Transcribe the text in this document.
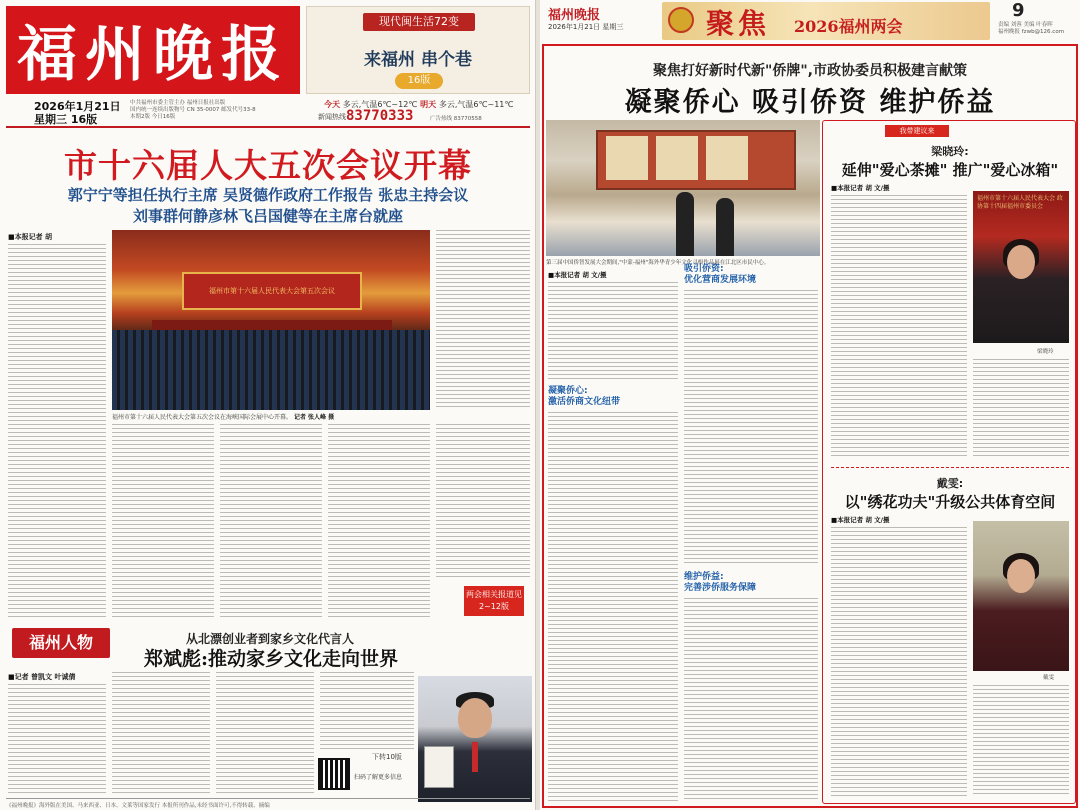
福州晚报	现代闽生活72变
来福州 串个巷
16版
2026年1月21日
星期三 16版
中共福州市委主管主办 福州日报社出版
国内统一连续出版物号 CN 35-0007 邮发代号33-8
本期2版 今日16版
今天 多云,气温6℃~12℃ 明天 多云,气温6℃~11℃
新闻热线 83770333	广告热线 83770558
市十六届人大五次会议开幕
郭宁宁等担任执行主席 吴贤德作政府工作报告 张忠主持会议
刘事群何静彦林飞吕国健等在主席台就座
■本报记者 胡
福州市第十六届人民代表大会第五次会议
福州市第十六届人民代表大会第五次会议在海峡国际会展中心开幕。 记者 张人峰 摄
两会相关报道见2~12版
福州人物	从北漂创业者到家乡文化代言人
郑斌彪:推动家乡文化走向世界
■记者 曾凯文 叶诚倩
扫码了解更多信息
下转10版
《福州晚报》海外版在美国、马来西亚、日本、文莱等国家发行 本报所刊作品,未经书面许可,不得转载、摘编
福州晚报
2026年1月21日 星期三	聚焦 2026福州两会
9
责编 刘蓉 美编 叶春晖
福州晚报 fzwb@126.com
聚焦打好新时代新"侨牌",市政协委员积极建言献策
凝聚侨心 吸引侨资 维护侨益
第三届中国侨智发展大会期间,"中蒙-福州"海外华青少年文化寻根作品展在江北区市民中心。
■本报记者 胡 文/摄
凝聚侨心:
激活侨商文化纽带
吸引侨资:
优化营商发展环境
维护侨益:
完善涉侨服务保障
我带建议来
梁晓玲:
延伸"爱心茶摊" 推广"爱心冰箱"
■本报记者 胡 文/摄
福州市第十六届人民代表大会 政协第十四届福州市委员会
梁晓玲
戴雯:
以"绣花功夫"升级公共体育空间
■本报记者 胡 文/摄
戴雯
